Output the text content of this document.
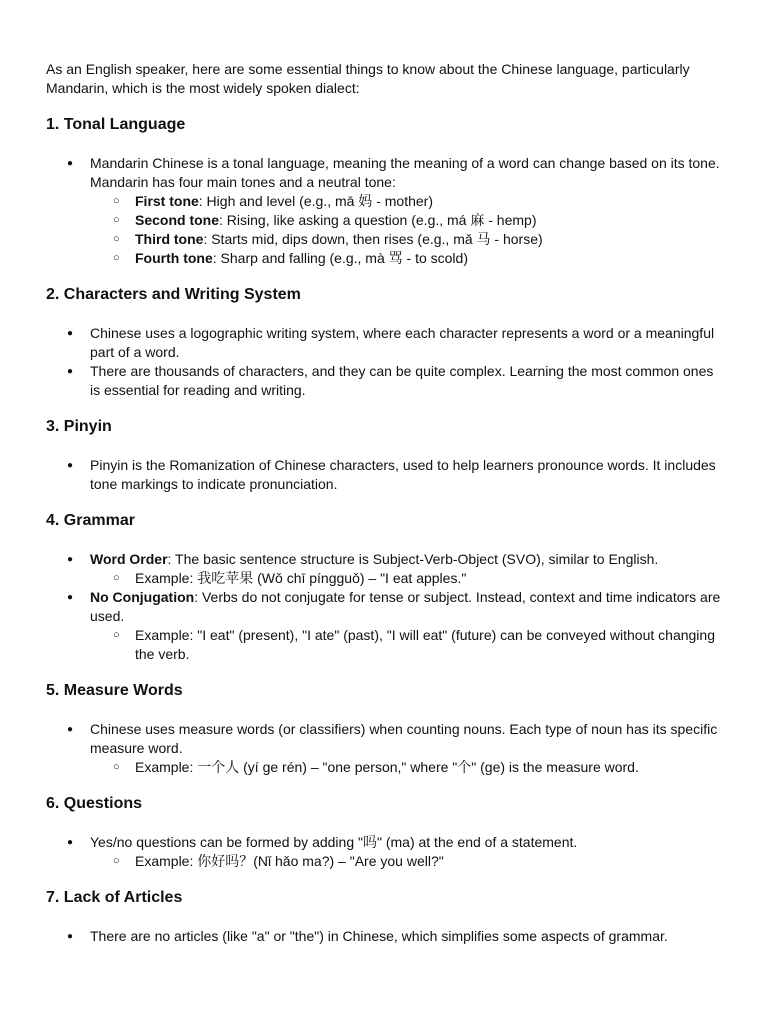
As an English speaker, here are some essential things to know about the Chinese language, particularly Mandarin, which is the most widely spoken dialect:

1. Tonal Language
● Mandarin Chinese is a tonal language, meaning the meaning of a word can change based on its tone. Mandarin has four main tones and a neutral tone:
○ First tone: High and level (e.g., mā 妈 - mother)
○ Second tone: Rising, like asking a question (e.g., má 麻 - hemp)
○ Third tone: Starts mid, dips down, then rises (e.g., mǎ 马 - horse)
○ Fourth tone: Sharp and falling (e.g., mà 骂 - to scold)
2. Characters and Writing System
● Chinese uses a logographic writing system, where each character represents a word or a meaningful part of a word.
● There are thousands of characters, and they can be quite complex. Learning the most common ones is essential for reading and writing.
3. Pinyin
● Pinyin is the Romanization of Chinese characters, used to help learners pronounce words. It includes tone markings to indicate pronunciation.
4. Grammar
● Word Order: The basic sentence structure is Subject-Verb-Object (SVO), similar to English.
○ Example: 我吃苹果 (Wǒ chī píngguǒ) – "I eat apples."
● No Conjugation: Verbs do not conjugate for tense or subject. Instead, context and time indicators are used.
○ Example: "I eat" (present), "I ate" (past), "I will eat" (future) can be conveyed without changing the verb.
5. Measure Words
● Chinese uses measure words (or classifiers) when counting nouns. Each type of noun has its specific measure word.
○ Example: 一个人 (yí ge rén) – "one person," where "个" (ge) is the measure word.
6. Questions
● Yes/no questions can be formed by adding "吗" (ma) at the end of a statement.
○ Example: 你好吗？(Nǐ hǎo ma?) – "Are you well?"
7. Lack of Articles
● There are no articles (like "a" or "the") in Chinese, which simplifies some aspects of grammar.
